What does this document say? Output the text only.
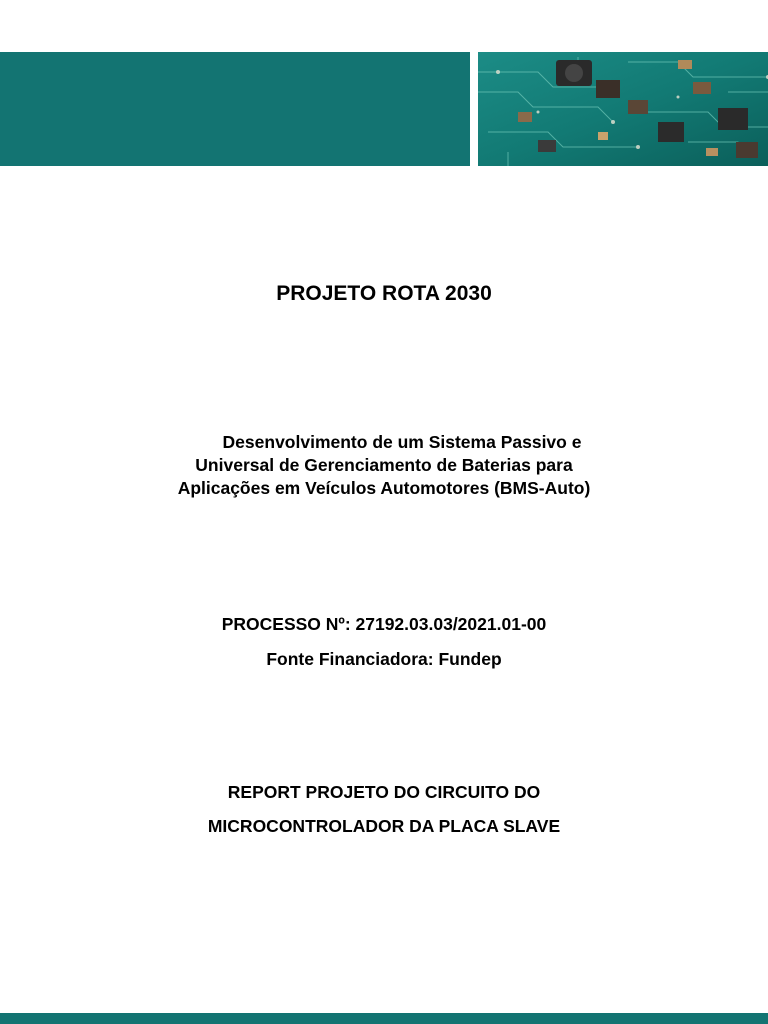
PROJETO ROTA 2030
Desenvolvimento de um Sistema Passivo e
Universal de Gerenciamento de Baterias para
Aplicações em Veículos Automotores (BMS-Auto)
PROCESSO Nº: 27192.03.03/2021.01-00
Fonte Financiadora: Fundep
REPORT PROJETO DO CIRCUITO DO
MICROCONTROLADOR DA PLACA SLAVE
